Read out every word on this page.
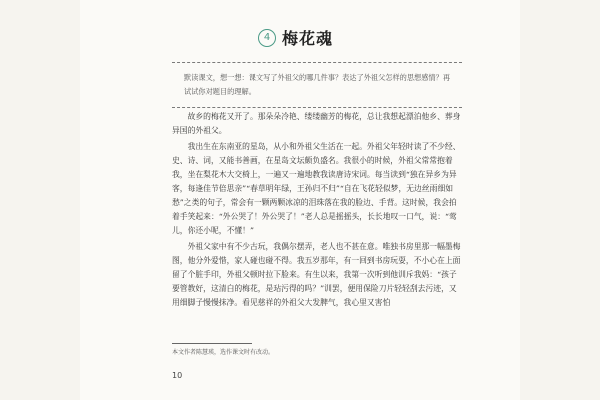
4 梅花魂
默读课文，想一想：课文写了外祖父的哪几件事？表达了外祖父怎样的思想感情？再试试你对题目的理解。

故乡的梅花又开了。那朵朵冷艳、缕缕幽芳的梅花，总让我想起漂泊他乡、葬身异国的外祖父。

我出生在东南亚的星岛，从小和外祖父生活在一起。外祖父年轻时读了不少经、史、诗、词，又能书善画，在星岛文坛颇负盛名。我很小的时候，外祖父常常抱着我，坐在梨花木大交椅上，一遍又一遍地教我读唐诗宋词。每当读到“独在异乡为异客，每逢佳节倍思亲”“春草明年绿，王孙归不归”“自在飞花轻似梦，无边丝雨细如愁”之类的句子，常会有一颗两颗冰凉的泪珠落在我的脸边、手背。这时候，我会拍着手笑起来：“外公哭了！外公哭了！”老人总是摇摇头，长长地叹一口气，说：“莺儿，你还小呢，不懂！”

外祖父家中有不少古玩，我偶尔摆弄，老人也不甚在意。唯独书房里那一幅墨梅图，他分外爱惜，家人碰也碰不得。我五岁那年，有一回到书房玩耍，不小心在上面留了个脏手印，外祖父顿时拉下脸来。有生以来，我第一次听到他训斥我妈：“孩子要管教好，这清白的梅花，是玷污得的吗？”训罢，便用保险刀片轻轻刮去污迹，又用细脚子慢慢抹净。看见慈祥的外祖父大发脾气，我心里又害怕

本文作者陈慧瑛，选作课文时有改动。
10
